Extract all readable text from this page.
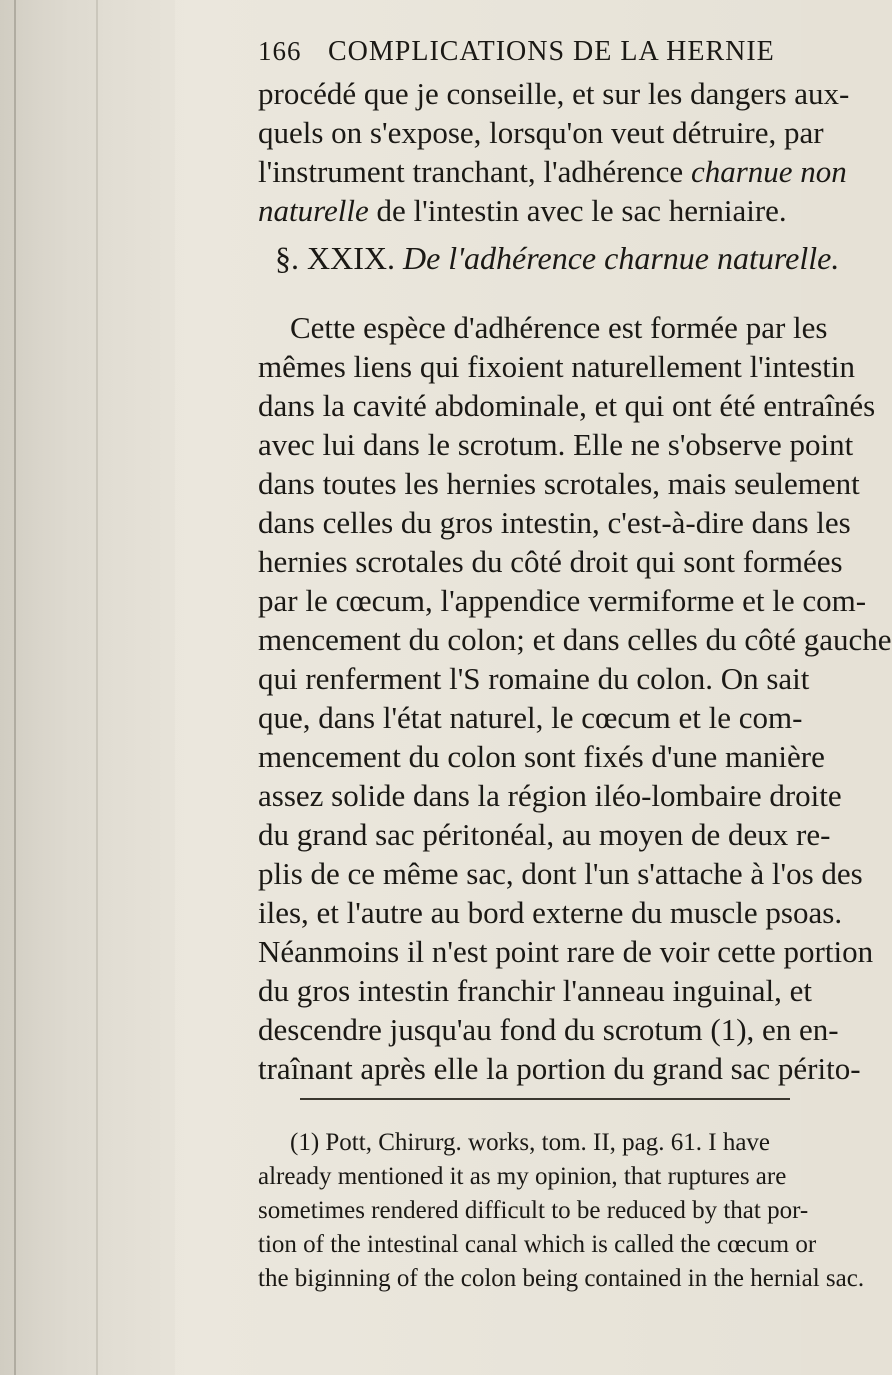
166 COMPLICATIONS DE LA HERNIE
procédé que je conseille, et sur les dangers aux-
quels on s'expose, lorsqu'on veut détruire, par
l'instrument tranchant, l'adhérence charnue non
naturelle de l'intestin avec le sac herniaire.
§. XXIX. De l'adhérence charnue naturelle.
Cette espèce d'adhérence est formée par les
mêmes liens qui fixoient naturellement l'intestin
dans la cavité abdominale, et qui ont été entraînés
avec lui dans le scrotum. Elle ne s'observe point
dans toutes les hernies scrotales, mais seulement
dans celles du gros intestin, c'est-à-dire dans les
hernies scrotales du côté droit qui sont formées
par le cœcum, l'appendice vermiforme et le com-
mencement du colon; et dans celles du côté gauche
qui renferment l'S romaine du colon. On sait
que, dans l'état naturel, le cœcum et le com-
mencement du colon sont fixés d'une manière
assez solide dans la région iléo-lombaire droite
du grand sac péritonéal, au moyen de deux re-
plis de ce même sac, dont l'un s'attache à l'os des
iles, et l'autre au bord externe du muscle psoas.
Néanmoins il n'est point rare de voir cette portion
du gros intestin franchir l'anneau inguinal, et
descendre jusqu'au fond du scrotum (1), en en-
traînant après elle la portion du grand sac périto-
(1) Pott, Chirurg. works, tom. II, pag. 61. I have
already mentioned it as my opinion, that ruptures are
sometimes rendered difficult to be reduced by that por-
tion of the intestinal canal which is called the cœcum or
the biginning of the colon being contained in the hernial sac.
